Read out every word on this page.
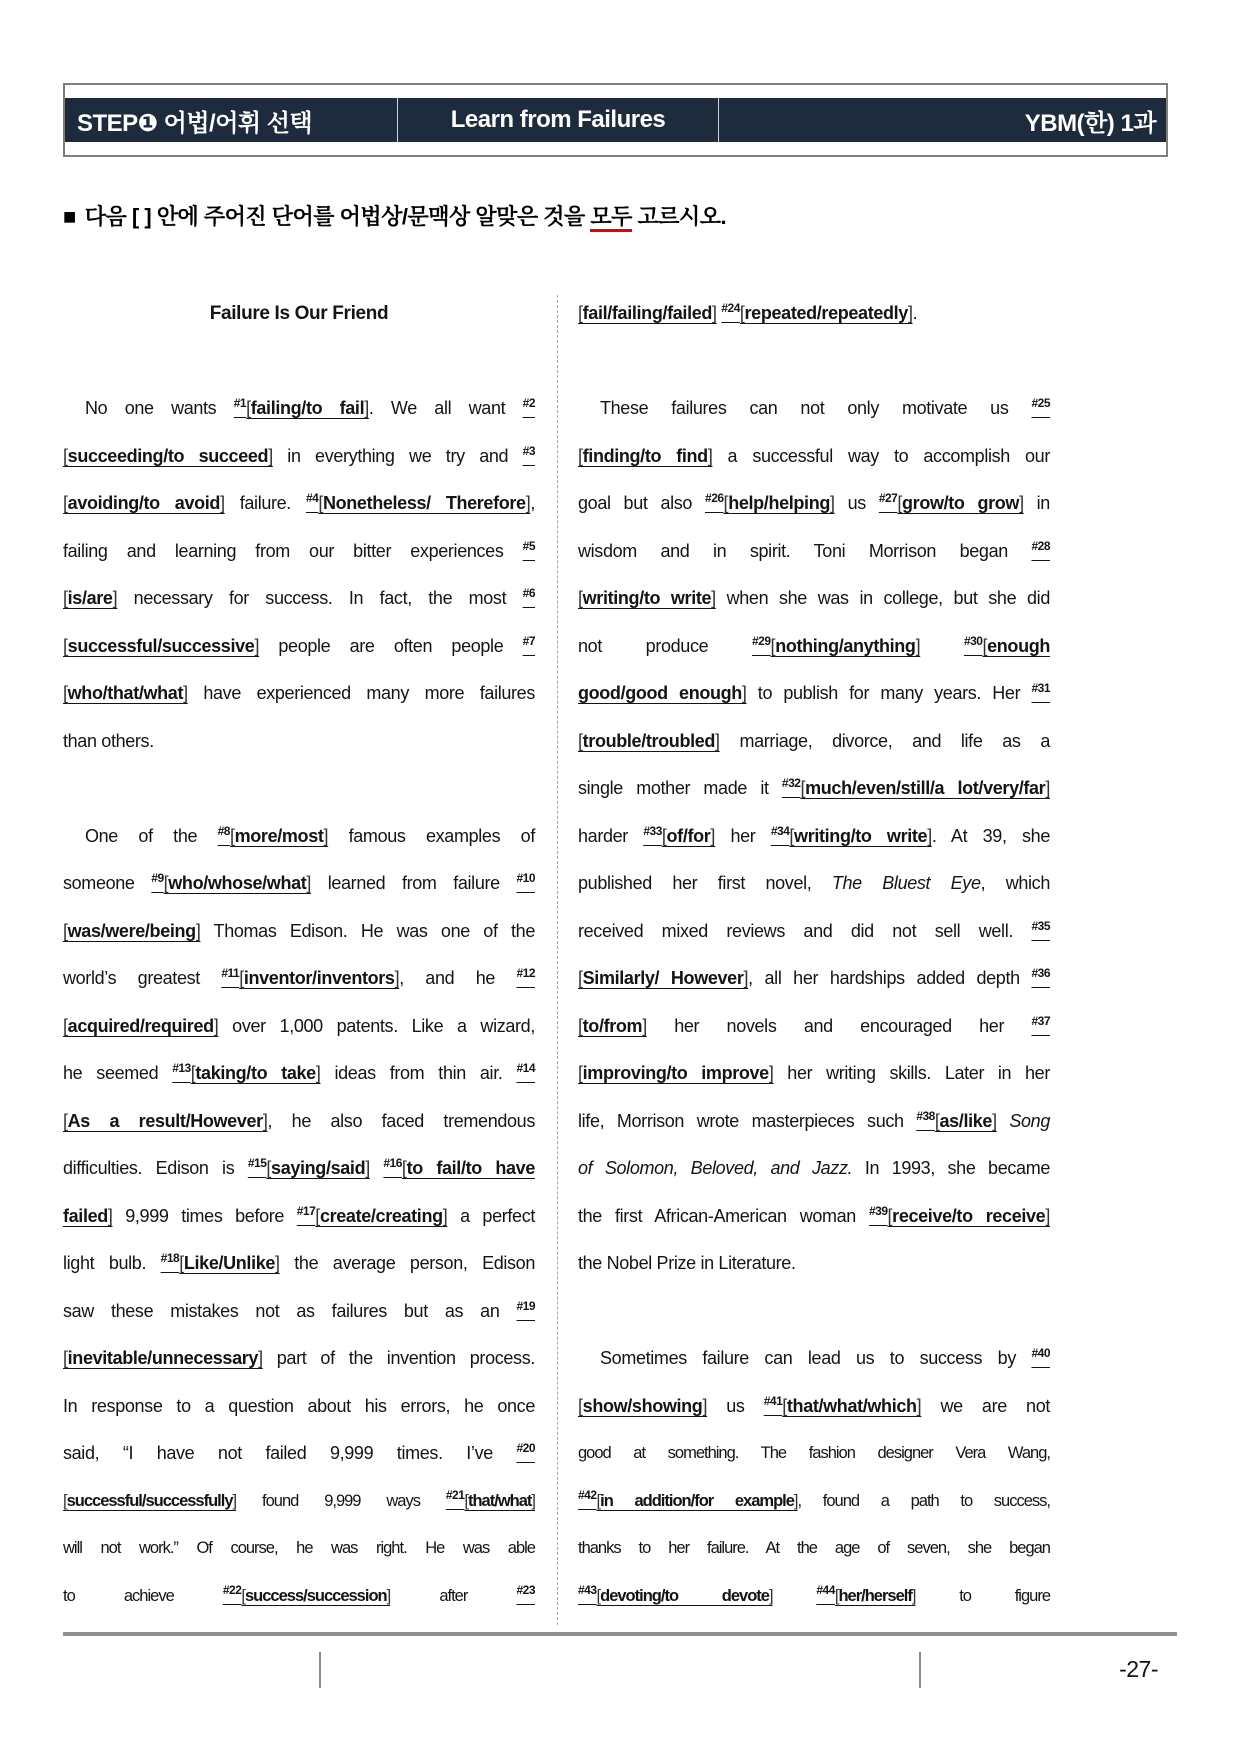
STEP❶ 어법/어휘 선택	Learn from Failures	YBM(한) 1과
■ 다음 [ ] 안에 주어진 단어를 어법상/문맥상 알맞은 것을 모두 고르시오.
Failure Is Our Friend
No one wants $^{\#1}$[failing/to fail]. We all want $^{\#2}$
[succeeding/to succeed] in everything we try and $^{\#3}$
[avoiding/to avoid] failure. $^{\#4}$[Nonetheless/ Therefore],
failing and learning from our bitter experiences $^{\#5}$
[is/are] necessary for success. In fact, the most $^{\#6}$
[successful/successive] people are often people $^{\#7}$
[who/that/what] have experienced many more failures
than others.
One of the $^{\#8}$[more/most] famous examples of
someone $^{\#9}$[who/whose/what] learned from failure $^{\#10}$
[was/were/being] Thomas Edison. He was one of the
world’s greatest $^{\#11}$[inventor/inventors], and he $^{\#12}$
[acquired/required] over 1,000 patents. Like a wizard,
he seemed $^{\#13}$[taking/to take] ideas from thin air. $^{\#14}$
[As a result/However], he also faced tremendous
difficulties. Edison is $^{\#15}$[saying/said] $^{\#16}$[to fail/to have
failed] 9,999 times before $^{\#17}$[create/creating] a perfect
light bulb. $^{\#18}$[Like/Unlike] the average person, Edison
saw these mistakes not as failures but as an $^{\#19}$
[inevitable/unnecessary] part of the invention process.
In response to a question about his errors, he once
said, “I have not failed 9,999 times. I’ve $^{\#20}$
[successful/successfully] found 9,999 ways $^{\#21}$[that/what]
will not work.” Of course, he was right. He was able
to achieve $^{\#22}$[success/succession] after $^{\#23}$
[fail/failing/failed] $^{\#24}$[repeated/repeatedly].
These failures can not only motivate us $^{\#25}$
[finding/to find] a successful way to accomplish our
goal but also $^{\#26}$[help/helping] us $^{\#27}$[grow/to grow] in
wisdom and in spirit. Toni Morrison began $^{\#28}$
[writing/to write] when she was in college, but she did
not produce $^{\#29}$[nothing/anything]	$^{\#30}$[enough
good/good enough] to publish for many years. Her $^{\#31}$
[trouble/troubled] marriage, divorce, and life as a
single mother made it $^{\#32}$[much/even/still/a lot/very/far]
harder $^{\#33}$[of/for] her $^{\#34}$[writing/to write]. At 39, she
published her first novel, The Bluest Eye, which
received mixed reviews and did not sell well. $^{\#35}$
[Similarly/ However], all her hardships added depth $^{\#36}$
[to/from] her novels and encouraged her $^{\#37}$
[improving/to improve] her writing skills. Later in her
life, Morrison wrote masterpieces such $^{\#38}$[as/like] Song
of Solomon, Beloved, and Jazz. In 1993, she became
the first African-American woman $^{\#39}$[receive/to receive]
the Nobel Prize in Literature.
Sometimes failure can lead us to success by $^{\#40}$
[show/showing] us $^{\#41}$[that/what/which] we are not
good at something. The fashion designer Vera Wang,
$^{\#42}$[in addition/for example], found a path to success,
thanks to her failure. At the age of seven, she began
$^{\#43}$[devoting/to devote]	$^{\#44}$[her/herself] to figure
-27-
